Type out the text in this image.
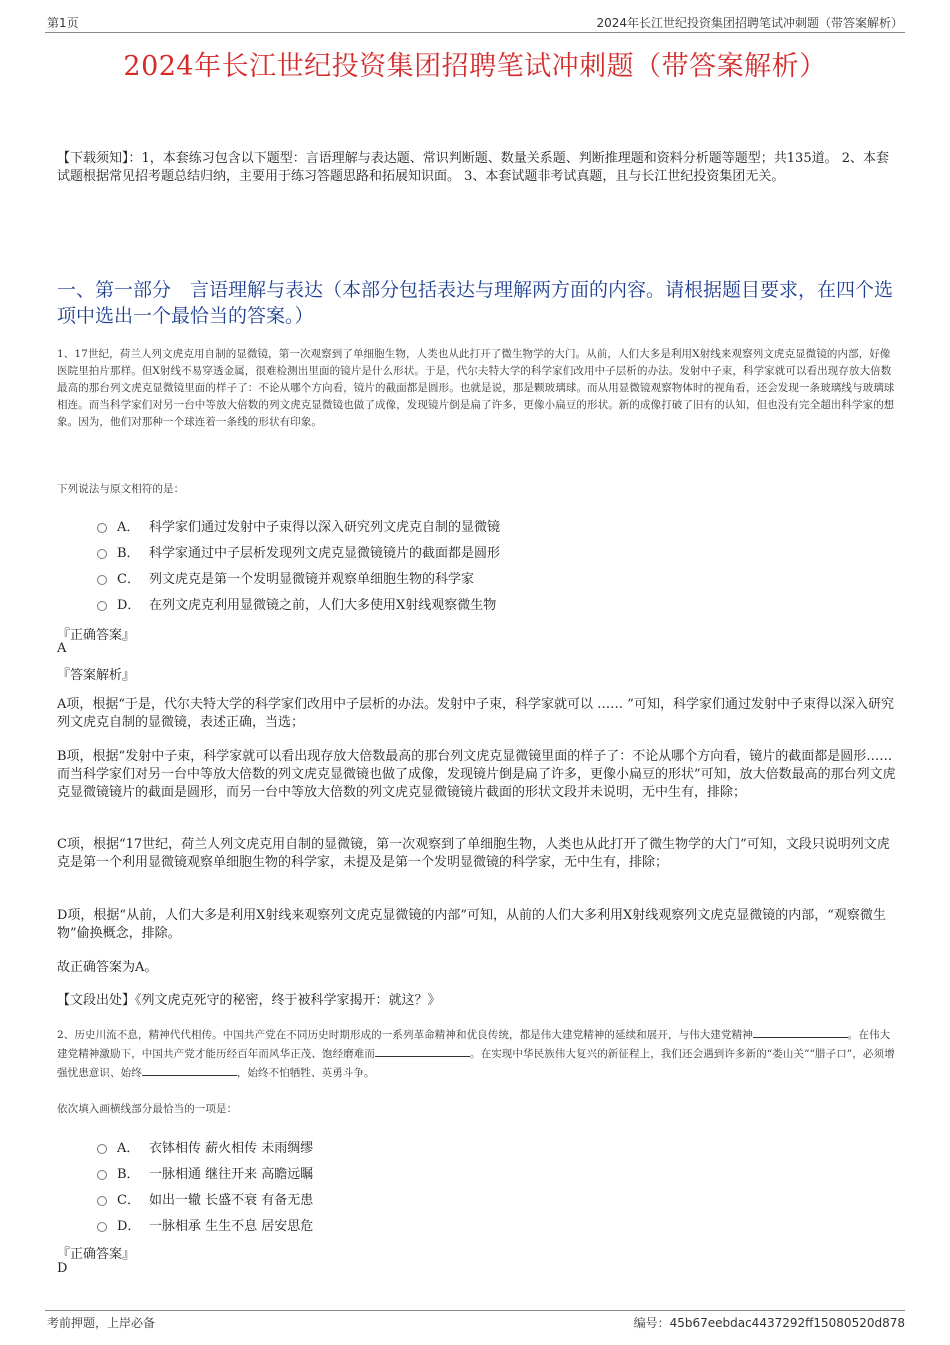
第1页	2024年长江世纪投资集团招聘笔试冲刺题（带答案解析）
2024年长江世纪投资集团招聘笔试冲刺题（带答案解析）
【下载须知】：1，本套练习包含以下题型：言语理解与表达题、常识判断题、数量关系题、判断推理题和资料分析题等题型；共135道。 2、本套试题根据常见招考题总结归纳，主要用于练习答题思路和拓展知识面。 3、本套试题非考试真题，且与长江世纪投资集团无关。
一、第一部分　言语理解与表达（本部分包括表达与理解两方面的内容。请根据题目要求，在四个选项中选出一个最恰当的答案。）
1、17世纪，荷兰人列文虎克用自制的显微镜，第一次观察到了单细胞生物，人类也从此打开了微生物学的大门。从前，人们大多是利用X射线来观察列文虎克显微镜的内部，好像医院里拍片那样。但X射线不易穿透金属，很难检测出里面的镜片是什么形状。于是，代尔夫特大学的科学家们改用中子层析的办法。发射中子束，科学家就可以看出现存放大倍数最高的那台列文虎克显微镜里面的样子了：不论从哪个方向看，镜片的截面都是圆形。也就是说，那是颗玻璃球。而从用显微镜观察物体时的视角看，还会发现一条玻璃线与玻璃球相连。而当科学家们对另一台中等放大倍数的列文虎克显微镜也做了成像，发现镜片倒是扁了许多，更像小扁豆的形状。新的成像打破了旧有的认知，但也没有完全超出科学家的想象。因为，他们对那种一个球连着一条线的形状有印象。
下列说法与原文相符的是：
A． 科学家们通过发射中子束得以深入研究列文虎克自制的显微镜
B． 科学家通过中子层析发现列文虎克显微镜镜片的截面都是圆形
C． 列文虎克是第一个发明显微镜并观察单细胞生物的科学家
D． 在列文虎克利用显微镜之前，人们大多使用X射线观察微生物
『正确答案』
A
『答案解析』
A项，根据“于是，代尔夫特大学的科学家们改用中子层析的办法。发射中子束，科学家就可以 …… ”可知，科学家们通过发射中子束得以深入研究列文虎克自制的显微镜，表述正确，当选；
B项，根据“发射中子束，科学家就可以看出现存放大倍数最高的那台列文虎克显微镜里面的样子了：不论从哪个方向看，镜片的截面都是圆形……而当科学家们对另一台中等放大倍数的列文虎克显微镜也做了成像，发现镜片倒是扁了许多，更像小扁豆的形状”可知，放大倍数最高的那台列文虎克显微镜镜片的截面是圆形，而另一台中等放大倍数的列文虎克显微镜镜片截面的形状文段并未说明，无中生有，排除；
C项，根据“17世纪，荷兰人列文虎克用自制的显微镜，第一次观察到了单细胞生物，人类也从此打开了微生物学的大门”可知，文段只说明列文虎克是第一个利用显微镜观察单细胞生物的科学家，未提及是第一个发明显微镜的科学家，无中生有，排除；
D项，根据“从前，人们大多是利用X射线来观察列文虎克显微镜的内部”可知，从前的人们大多利用X射线观察列文虎克显微镜的内部，“观察微生物”偷换概念，排除。
故正确答案为A。
【文段出处】《列文虎克死守的秘密，终于被科学家揭开：就这？》
2、历史川流不息，精神代代相传。中国共产党在不同历史时期形成的一系列革命精神和优良传统，都是伟大建党精神的延续和展开，与伟大建党精神	。在伟大建党精神激励下，中国共产党才能历经百年而风华正茂、饱经磨难而	。在实现中华民族伟大复兴的新征程上，我们还会遇到许多新的“娄山关”“腊子口”，必须增强忧患意识、始终	，始终不怕牺牲、英勇斗争。
依次填入画横线部分最恰当的一项是：
A． 衣钵相传 薪火相传 未雨绸缪
B． 一脉相通 继往开来 高瞻远瞩
C． 如出一辙 长盛不衰 有备无患
D． 一脉相承 生生不息 居安思危
『正确答案』
D
考前押题，上岸必备	编号：45b67eebdac4437292ff15080520d878
